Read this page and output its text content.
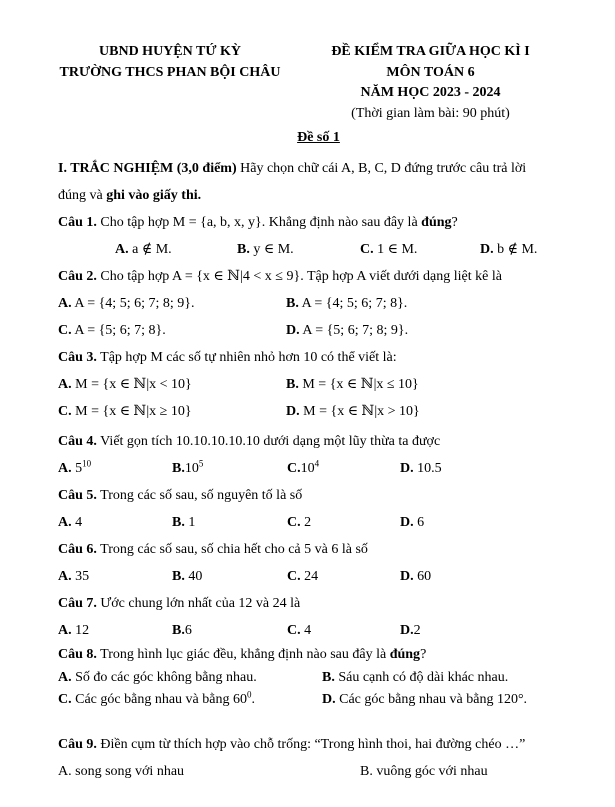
UBND HUYỆN TỨ KỲ
TRƯỜNG THCS PHAN BỘI CHÂU
ĐỀ KIỂM TRA GIỮA HỌC KÌ I
MÔN TOÁN 6
NĂM HỌC 2023 - 2024
(Thời gian làm bài: 90 phút)
Đề số 1
I. TRẮC NGHIỆM (3,0 điểm) Hãy chọn chữ cái A, B, C, D đứng trước câu trả lời
đúng và ghi vào giấy thi.
Câu 1. Cho tập hợp M = {a, b, x, y}. Khẳng định nào sau đây là đúng?
A. a ∉ M.	B. y ∈ M.	C. 1 ∈ M.	D. b ∉ M.
Câu 2. Cho tập hợp A = {x ∈ ℕ|4 < x ≤ 9}. Tập hợp A viết dưới dạng liệt kê là
A. A = {4; 5; 6; 7; 8; 9}.	B. A = {4; 5; 6; 7; 8}.
C. A = {5; 6; 7; 8}.	D. A = {5; 6; 7; 8; 9}.
Câu 3. Tập hợp M các số tự nhiên nhỏ hơn 10 có thể viết là:
A. M = {x ∈ ℕ|x < 10}	B. M = {x ∈ ℕ|x ≤ 10}
C. M = {x ∈ ℕ|x ≥ 10}	D. M = {x ∈ ℕ|x > 10}
Câu 4. Viết gọn tích 10.10.10.10.10 dưới dạng một lũy thừa ta được
A. $5^{10}$	$B.10^5$	$C.10^4$	D. 10.5
Câu 5. Trong các số sau, số nguyên tố là số
A. 4	B. 1	C. 2	D. 6
Câu 6. Trong các số sau, số chia hết cho cả 5 và 6 là số
A. 35	B. 40	C. 24	D. 60
Câu 7. Ước chung lớn nhất của 12 và 24 là
A. 12	B.6	C. 4	D.2
Câu 8. Trong hình lục giác đều, khẳng định nào sau đây là đúng?
A. Số đo các góc không bằng nhau.	B. Sáu cạnh có độ dài khác nhau.
C. Các góc bằng nhau và bằng $60^0$.	D. Các góc bằng nhau và bằng 120°.
Câu 9. Điền cụm từ thích hợp vào chỗ trống: “Trong hình thoi, hai đường chéo …”
A. song song với nhau	B. vuông góc với nhau
